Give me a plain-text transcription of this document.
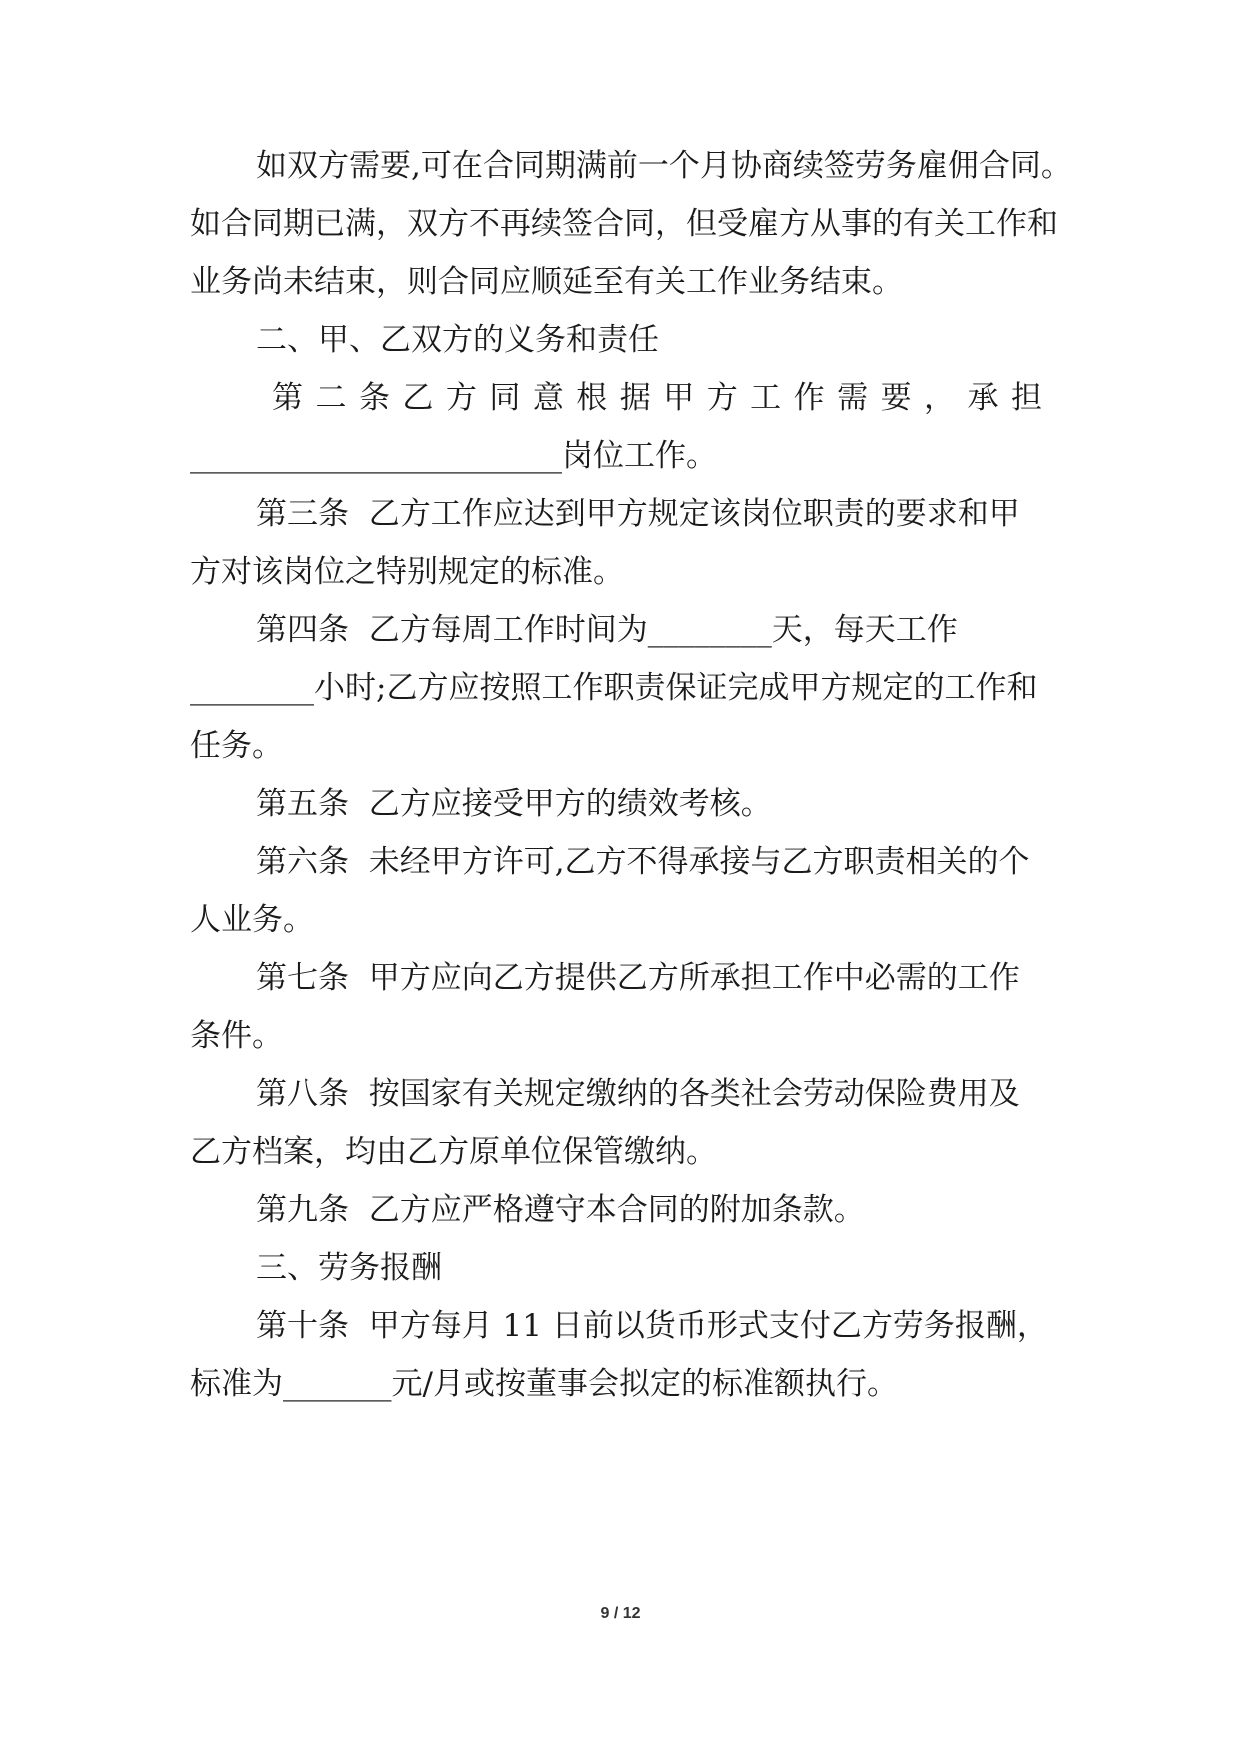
如双方需要,可在合同期满前一个月协商续签劳务雇佣合同。
如合同期已满，双方不再续签合同，但受雇方从事的有关工作和
业务尚未结束，则合同应顺延至有关工作业务结束。
二、甲、乙双方的义务和责任
第 二 条 乙 方 同 意 根 据 甲 方 工 作 需 要 ， 承 担
________________________岗位工作。
第三条  乙方工作应达到甲方规定该岗位职责的要求和甲
方对该岗位之特别规定的标准。
第四条  乙方每周工作时间为________天，每天工作
________小时;乙方应按照工作职责保证完成甲方规定的工作和
任务。
第五条  乙方应接受甲方的绩效考核。
第六条  未经甲方许可,乙方不得承接与乙方职责相关的个
人业务。
第七条  甲方应向乙方提供乙方所承担工作中必需的工作
条件。
第八条  按国家有关规定缴纳的各类社会劳动保险费用及
乙方档案，均由乙方原单位保管缴纳。
第九条  乙方应严格遵守本合同的附加条款。
三、劳务报酬
第十条  甲方每月 11 日前以货币形式支付乙方劳务报酬，
标准为_______元/月或按董事会拟定的标准额执行。
9 / 12
